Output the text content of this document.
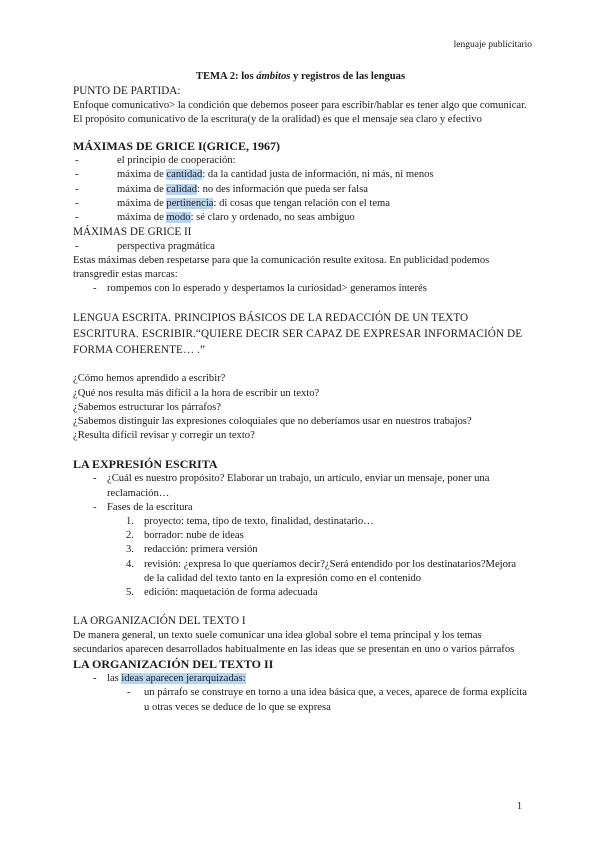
lenguaje publicitario
TEMA 2: los ámbitos y registros de las lenguas

PUNTO DE PARTIDA:

Enfoque comunicativo> la condición que debemos poseer para escribir/hablar es tener algo que comunicar. El propósito comunicativo de la escritura(y de la oralidad) es que el mensaje sea claro y efectivo

MÁXIMAS DE GRICE I(GRICE, 1967)

-	el principio de cooperación:
-	máxima de cantidad: da la cantidad justa de información, ni más, ni menos
-	máxima de calidad: no des información que pueda ser falsa
-	máxima de pertinencia: di cosas que tengan relación con el tema
-	máxima de modo: sé claro y ordenado, no seas ambiguo

MÁXIMAS DE GRICE II

-	perspectiva pragmática

Estas máximas deben respetarse para que la comunicación resulte exitosa. En publicidad podemos transgredir estas marcas:

- rompemos con lo esperado y despertamos la curiosidad> generamos interés

LENGUA ESCRITA. PRINCIPIOS BÁSICOS DE LA REDACCIÓN DE UN TEXTO ESCRITURA. ESCRIBIR.“QUIERE DECIR SER CAPAZ DE EXPRESAR INFORMACIÓN DE FORMA COHERENTE… .”

¿Cómo hemos aprendido a escribir?

¿Qué nos resulta más difícil a la hora de escribir un texto?

¿Sabemos estructurar los párrafos?

¿Sabemos distinguir las expresiones coloquiales que no deberíamos usar en nuestros trabajos?

¿Resulta difícil revisar y corregir un texto?

LA EXPRESIÓN ESCRITA

- ¿Cuál es nuestro propósito? Elaborar un trabajo, un artículo, enviar un mensaje, poner una reclamación…
- Fases de la escritura
1. proyecto: tema, tipo de texto, finalidad, destinatario…
2. borrador: nube de ideas
3. redacción: primera versión
4. revisión: ¿expresa lo que queríamos decir?¿Será entendido por los destinatarios?Mejora de la calidad del texto tanto en la expresión como en el contenido
5. edición: maquetación de forma adecuada

LA ORGANIZACIÓN DEL TEXTO I

De manera general, un texto suele comunicar una idea global sobre el tema principal y los temas secundarios aparecen desarrollados habitualmente en las ideas que se presentan en uno o varios párrafos

LA ORGANIZACIÓN DEL TEXTO II

- las ideas aparecen jerarquizadas:
- un párrafo se construye en torno a una idea básica que, a veces, aparece de forma explícita u otras veces se deduce de lo que se expresa
1
